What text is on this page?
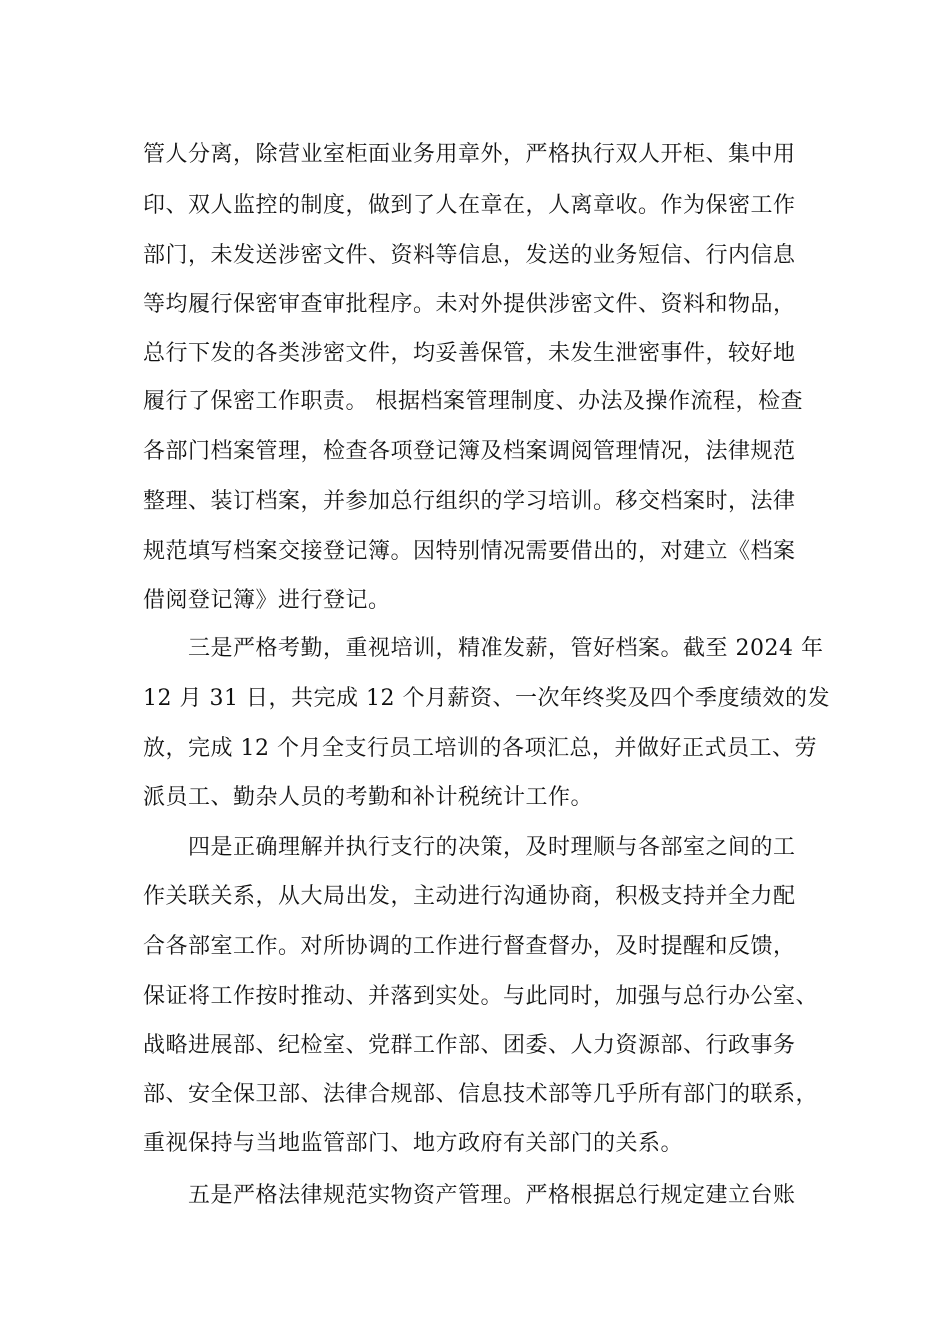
管人分离，除营业室柜面业务用章外，严格执行双人开柜、集中用
印、双人监控的制度，做到了人在章在，人离章收。作为保密工作
部门，未发送涉密文件、资料等信息，发送的业务短信、行内信息
等均履行保密审查审批程序。未对外提供涉密文件、资料和物品，
总行下发的各类涉密文件，均妥善保管，未发生泄密事件，较好地
履行了保密工作职责。 根据档案管理制度、办法及操作流程，检查
各部门档案管理，检查各项登记簿及档案调阅管理情况，法律规范
整理、装订档案，并参加总行组织的学习培训。移交档案时，法律
规范填写档案交接登记簿。因特别情况需要借出的，对建立《档案
借阅登记簿》进行登记。
三是严格考勤，重视培训，精准发薪，管好档案。截至 2024 年
12 月 31 日，共完成 12 个月薪资、一次年终奖及四个季度绩效的发
放，完成 12 个月全支行员工培训的各项汇总，并做好正式员工、劳
派员工、勤杂人员的考勤和补计税统计工作。
四是正确理解并执行支行的决策，及时理顺与各部室之间的工
作关联关系，从大局出发，主动进行沟通协商，积极支持并全力配
合各部室工作。对所协调的工作进行督查督办，及时提醒和反馈，
保证将工作按时推动、并落到实处。与此同时，加强与总行办公室、
战略进展部、纪检室、党群工作部、团委、人力资源部、行政事务
部、安全保卫部、法律合规部、信息技术部等几乎所有部门的联系，
重视保持与当地监管部门、地方政府有关部门的关系。
五是严格法律规范实物资产管理。严格根据总行规定建立台账
